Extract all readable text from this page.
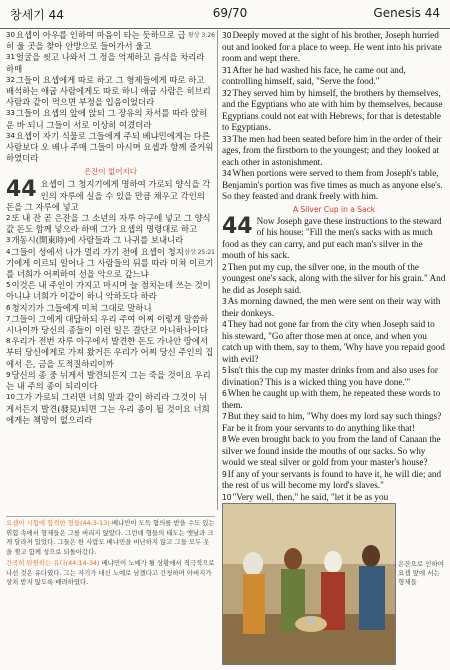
창세기 44	69/70	Genesis 44

$^{30}$	왕상 3:26
요셉이 아우를 인하여 마음이 타는 듯하므로 급히 울 곳을 찾아 안방으로 들어가서 울고

$^{31}$얼굴을 씻고 나와서 그 정을 억제하고 음식을 차리라 하매

$^{32}$그들이 요셉에게 따로 하고 그 형제들에게 따로 하고 배석하는 애굽 사람에게도 따로 하니 애굽 사람은 히브리 사람과 같이 먹으면 부정을 입음이었더라

$^{33}$그들이 요셉의 앞에 앉되 그 장유의 차서를 따라 앉히운 바 되니 그들이 서로 이상히 여겼더라

$^{34}$요셉이 자기 식물로 그들에게 주되 베냐민에게는 다른 사람보다 오 배나 주매 그들이 마시며 요셉과 함께 즐거워하였더라

은잔이 없어지다

44 요셉이 그 청지기에게 명하여 가로되 양식을 각인의 자루에 실을 수 있을 만큼 채우고 각인의 돈을 그 자루에 넣고

$^2$또 내 잔 곧 은잔을 그 소년의 자루 아구에 넣고 그 양식 값 돈도 함께 넣으라 하매 그가 요셉의 명령대로 하고

$^3$개동시(開東時)에 사람들과 그 나귀를 보내니라

$^4$	삼상 25:21
그들이 성에서 나가 멀리 가기 전에 요셉이 청지기에게 이르되 일어나 그 사람들의 뒤를 따라 미쳐 이르기를 너희가 어찌하여 선을 악으로 갚느냐

$^5$이것은 내 주인이 가지고 마시며 늘 점치는데 쓰는 것이 아니냐 너희가 이같이 하니 악하도다 하라

$^6$청지기가 그들에게 미쳐 그대로 말하니

$^7$그들이 그에게 대답하되 우리 주여 어찌 이렇게 말씀하시나이까 당신의 종들이 이런 일은 결단코 아니하나이다

$^8$우리가 전번 자루 아구에서 발견한 돈도 가나안 땅에서부터 당신에게로 가져 왔거든 우리가 어찌 당신 주인의 집에서 은, 금을 도적질하리이까

$^9$당신의 종 중 뉘게서 발견되든지 그는 죽을 것이요 우리는 내 주의 종이 되리이다

$^{10}$그가 가로되 그러면 너희 말과 같이 하리라 그것이 뉘게서든지 발견(發見)되면 그는 우리 종이 될 것이요 너희에게는 책망이 없으리라

$^{30}$Deeply moved at the sight of his brother, Joseph hurried out and looked for a place to weep. He went into his private room and wept there.

$^{31}$After he had washed his face, he came out and, controlling himself, said, "Serve the food."

$^{32}$They served him by himself, the brothers by themselves, and the Egyptians who ate with him by themselves, because Egyptians could not eat with Hebrews, for that is detestable to Egyptians.

$^{33}$The men had been seated before him in the order of their ages, from the firstborn to the youngest; and they looked at each other in astonishment.

$^{34}$When portions were served to them from Joseph's table, Benjamin's portion was five times as much as anyone else's. So they feasted and drank freely with him.

A Silver Cup in a Sack

44 Now Joseph gave these instructions to the steward of his house: "Fill the men's sacks with as much food as they can carry, and put each man's silver in the mouth of his sack.

$^2$Then put my cup, the silver one, in the mouth of the youngest one's sack, along with the silver for his grain." And he did as Joseph said.

$^3$As morning dawned, the men were sent on their way with their donkeys.

$^4$They had not gone far from the city when Joseph said to his steward, "Go after those men at once, and when you catch up with them, say to them, 'Why have you repaid good with evil?

$^5$Isn't this the cup my master drinks from and also uses for divination? This is a wicked thing you have done.'"

$^6$When he caught up with them, he repeated these words to them.

$^7$But they said to him, "Why does my lord say such things? Far be it from your servants to do anything like that!

$^8$We even brought back to you from the land of Canaan the silver we found inside the mouths of our sacks. So why would we steal silver or gold from your master's house?

$^9$If any of your servants is found to have it, he will die; and the rest of us will become my lord's slaves."

$^{10}$"Very well, then," he said, "let it be as you

요셉이 시험에 합격한 형들(44:3-13) 베냐민이 도둑 혐의를 받을 수도 있는 위험 속에서 형제들은 그를 버리지 않았다. 그런데 형들의 태도는 옛날과 크게 달라져 있었다. 그들은 한 사람도 베냐민을 비난하지 않고 그들 모두 옷을 찢고 함께 성으로 되돌아갔다.

간곡히 탄원하는 유다(44:14-34) 베냐민이 노예가 될 상황에서 적극적으로 나선 것은 유다였다. 그는 자기가 대신 노예로 남겠다고 간청하며 아버지가 상처 받지 않도록 배려하였다.

은잔으로 인하여 요셉 앞에 서는 형제들
